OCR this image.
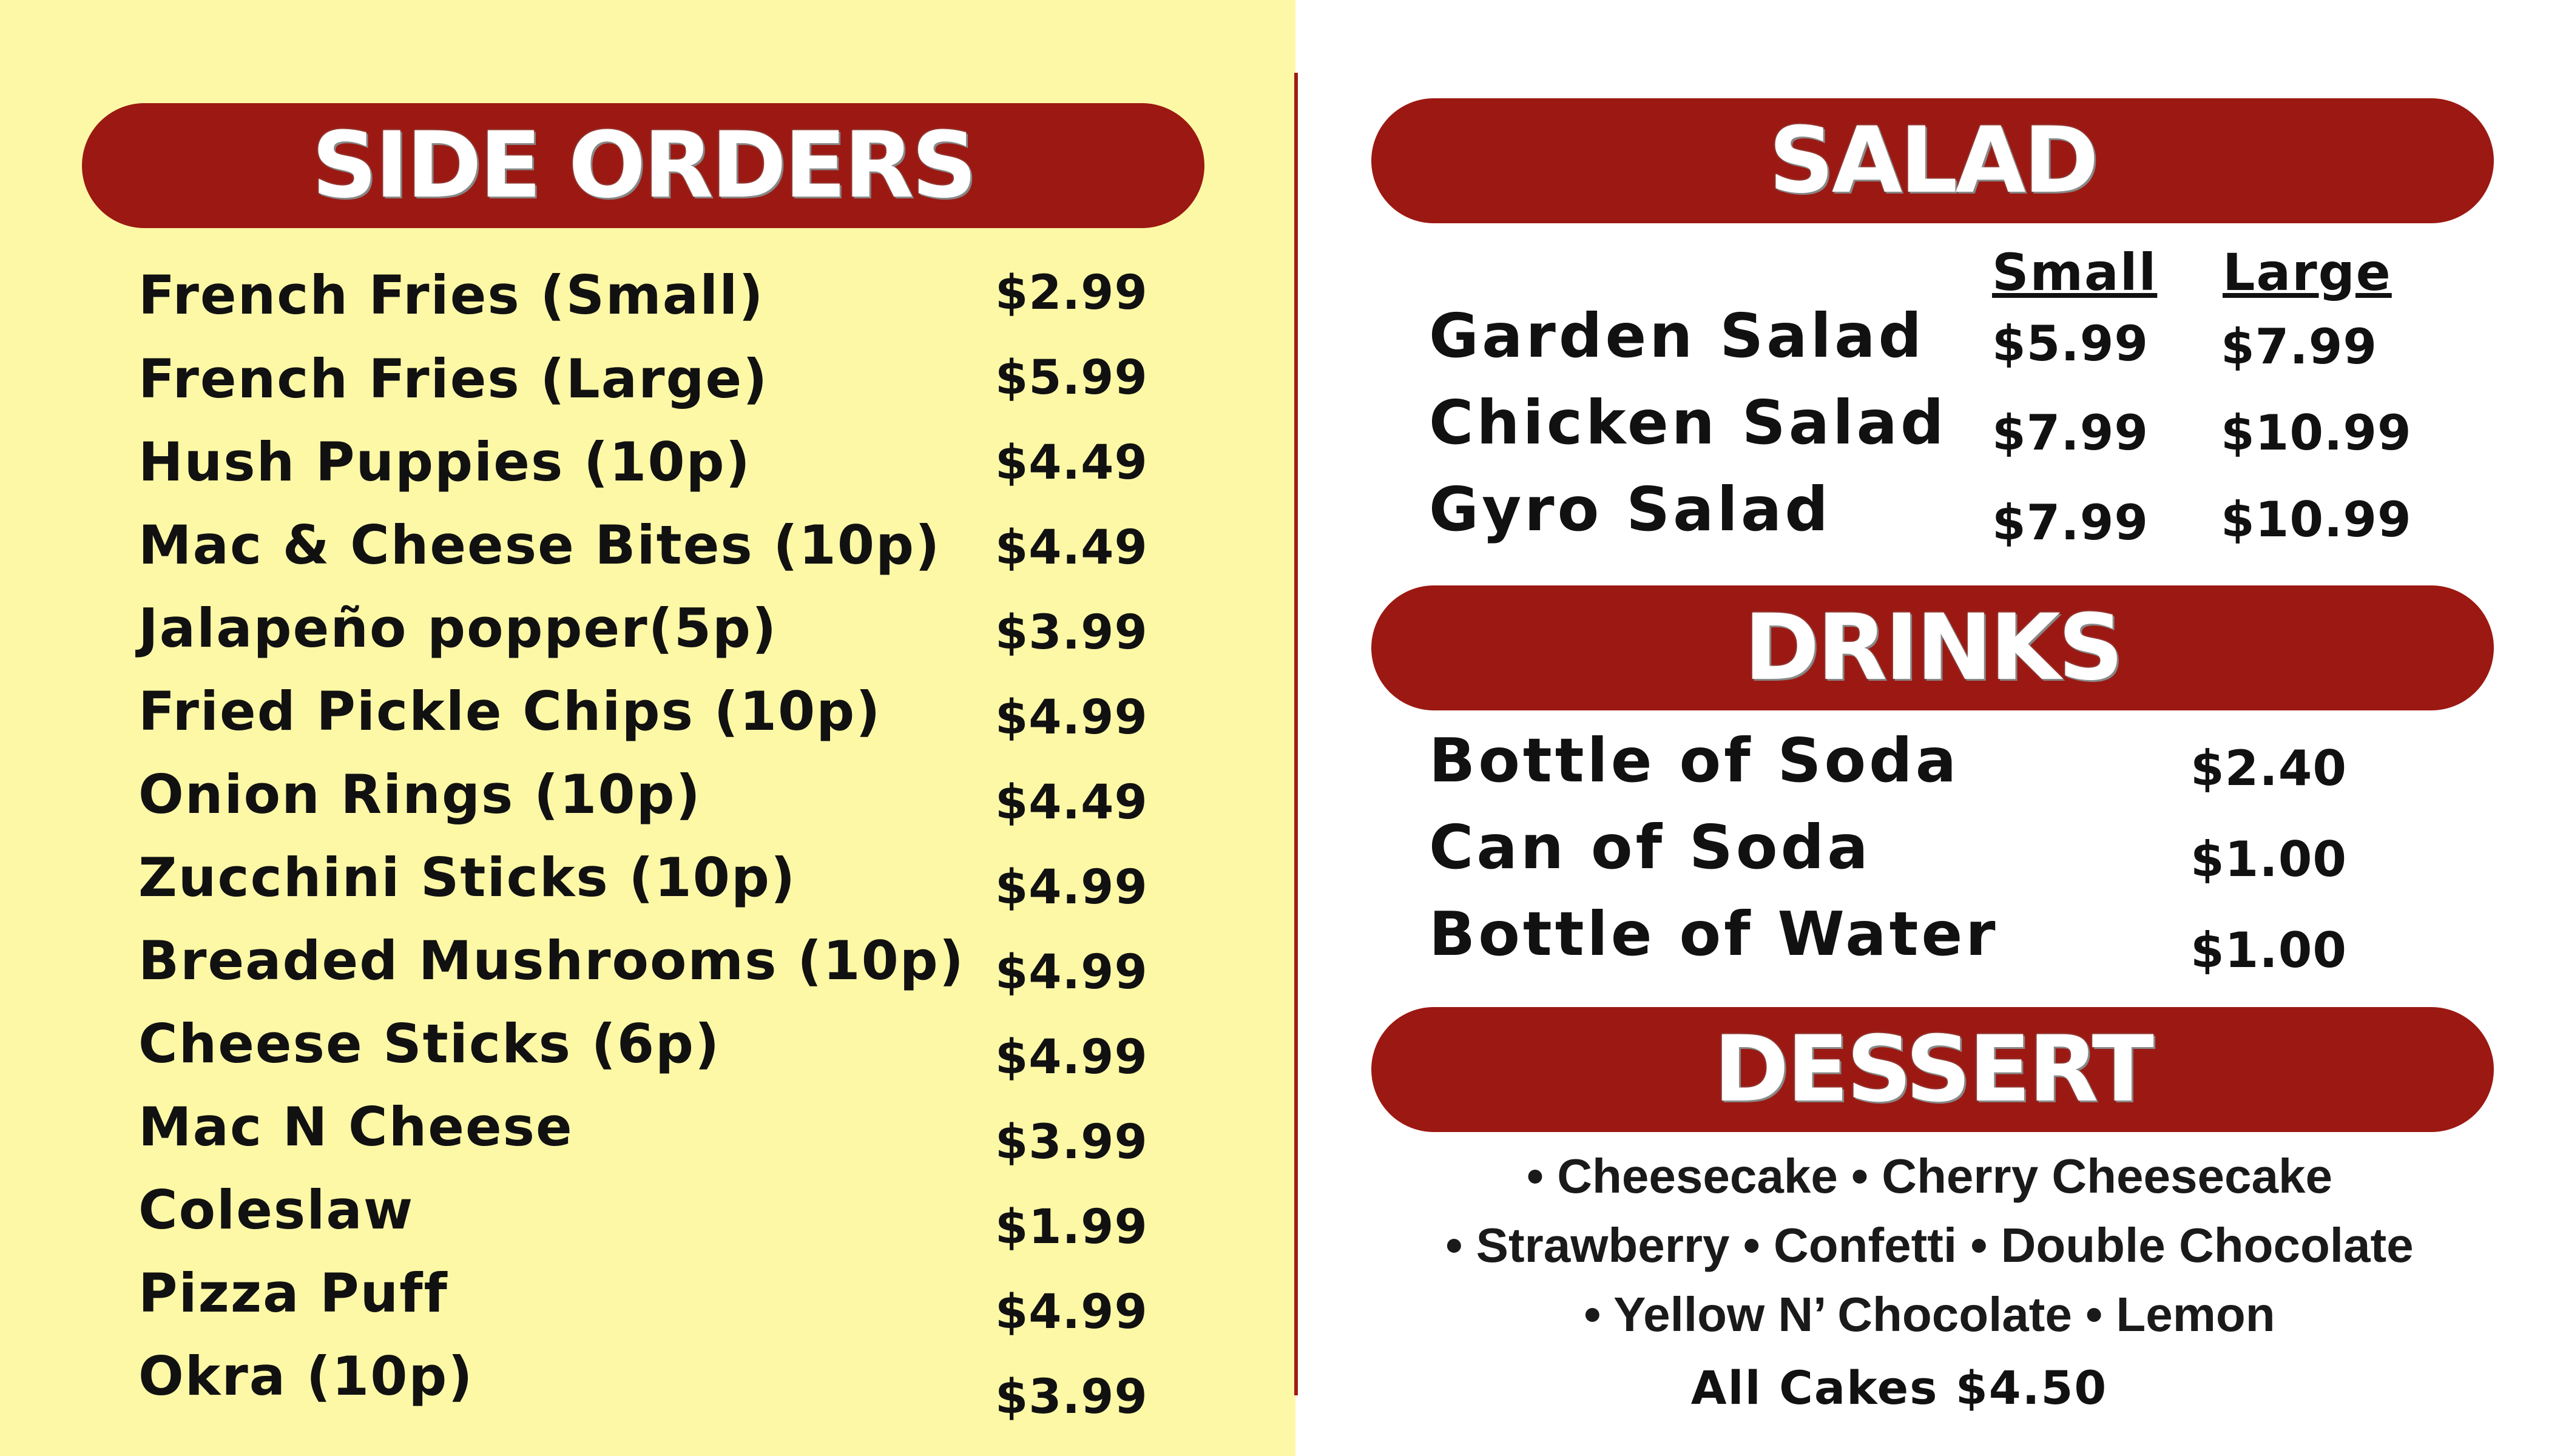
SIDE ORDERS
French Fries (Small)	$2.99
French Fries (Large)	$5.99
Hush Puppies (10p)	$4.49
Mac & Cheese Bites (10p) $4.49
Jalapeño popper(5p)	$3.99
Fried Pickle Chips (10p) $4.99
Onion Rings (10p)	$4.49
Zucchini Sticks (10p)	$4.99
Breaded Mushrooms (10p) $4.99
Cheese Sticks (6p)	$4.99
Mac N Cheese	$3.99
Coleslaw	$1.99
Pizza Puff	$4.99
Okra (10p)	$3.99
SALAD
Small Large
Garden Salad $5.99 $7.99
Chicken Salad $7.99 $10.99
Gyro Salad	$7.99 $10.99
DRINKS
Bottle of Soda	$2.40
Can of Soda	$1.00
Bottle of Water	$1.00
DESSERT
• Cheesecake • Cherry Cheesecake
• Strawberry • Confetti • Double Chocolate
• Yellow N’ Chocolate • Lemon
All Cakes $4.50
